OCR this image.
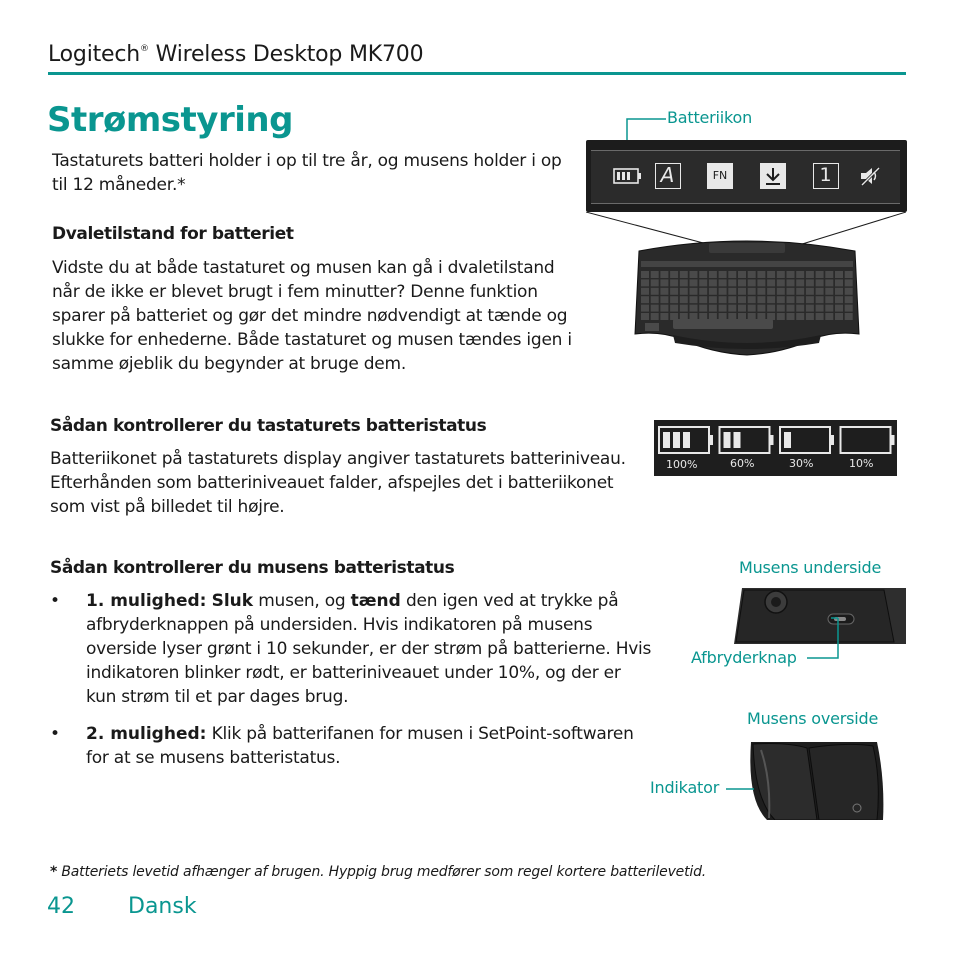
Logitech® Wireless Desktop MK700
Strømstyring
Tastaturets batteri holder i op til tre år, og musens holder i op til 12 måneder.*
Dvaletilstand for batteriet
Vidste du at både tastaturet og musen kan gå i dvaletilstand når de ikke er blevet brugt i fem minutter? Denne funktion sparer på batteriet og gør det mindre nødvendigt at tænde og slukke for enhederne. Både tastaturet og musen tændes igen i samme øjeblik du begynder at bruge dem.
Sådan kontrollerer du tastaturets batteristatus
Batteriikonet på tastaturets display angiver tastaturets batteriniveau. Efterhånden som batteriniveauet falder, afspejles det i batteriikonet som vist på billedet til højre.
Sådan kontrollerer du musens batteristatus
• 1. mulighed: Sluk musen, og tænd den igen ved at trykke på afbryderknappen på undersiden. Hvis indikatoren på musens overside lyser grønt i 10 sekunder, er der strøm på batterierne. Hvis indikatoren blinker rødt, er batteriniveauet under 10%, og der er kun strøm til et par dages brug.
• 2. mulighed: Klik på batterifanen for musen i SetPoint-softwaren for at se musens batteristatus.
* Batteriets levetid afhænger af brugen. Hyppig brug medfører som regel kortere batterilevetid.
42 Dansk
Batteriikon
A	FN	1
100%	60%	30%	10%
Musens underside
Afbryderknap
Musens overside
Indikator
